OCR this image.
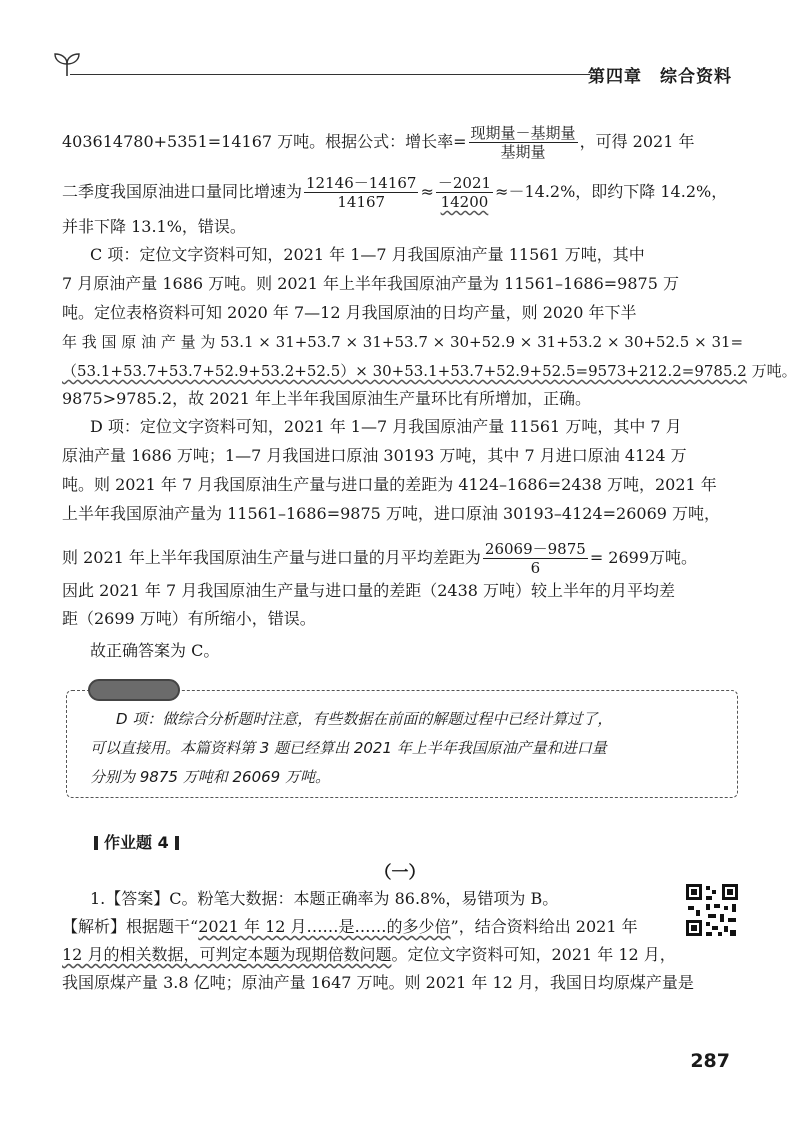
第四章 综合资料
403614780+5351=14167 万吨。根据公式：增长率= $\frac{\text{现期量－基期量}}{\text{基期量}}$ ，可得 2021 年
二季度我国原油进口量同比增速为 $\frac{12146-14167}{14167} \approx \frac{-2021}{14200} \approx-14.2\%$，即约下降 14.2%，
并非下降 13.1%，错误。
C 项：定位文字资料可知，2021 年 1—7 月我国原油产量 11561 万吨，其中
7 月原油产量 1686 万吨。则 2021 年上半年我国原油产量为 11561–1686=9875 万
吨。定位表格资料可知 2020 年 7—12 月我国原油的日均产量，则 2020 年下半
年 我 国 原 油 产 量 为 53.1 × 31+53.7 × 31+53.7 × 30+52.9 × 31+53.2 × 30+52.5 × 31=
（53.1+53.7+53.7+52.9+53.2+52.5）× 30+53.1+53.7+52.9+52.5=9573+212.2=9785.2 万吨。
9875>9785.2，故 2021 年上半年我国原油生产量环比有所增加，正确。
D 项：定位文字资料可知，2021 年 1—7 月我国原油产量 11561 万吨，其中 7 月
原油产量 1686 万吨；1—7 月我国进口原油 30193 万吨，其中 7 月进口原油 4124 万
吨。则 2021 年 7 月我国原油生产量与进口量的差距为 4124–1686=2438 万吨，2021 年
上半年我国原油产量为 11561–1686=9875 万吨，进口原油 30193–4124=26069 万吨，
则 2021 年上半年我国原油生产量与进口量的月平均差距为 $\frac{26069-9875}{6} = 2699$万吨。
因此 2021 年 7 月我国原油生产量与进口量的差距（2438 万吨）较上半年的月平均差
距（2699 万吨）有所缩小，错误。
故正确答案为 C。
D 项：做综合分析题时注意，有些数据在前面的解题过程中已经计算过了，
可以直接用。本篇资料第 3 题已经算出 2021 年上半年我国原油产量和进口量
分别为 9875 万吨和 26069 万吨。
作业题 4
（一）
1.【答案】C。粉笔大数据：本题正确率为 86.8%，易错项为 B。
【解析】根据题干“2021 年 12 月……是……的多少倍”，结合资料给出 2021 年
12 月的相关数据，可判定本题为现期倍数问题。定位文字资料可知，2021 年 12 月，
我国原煤产量 3.8 亿吨；原油产量 1647 万吨。则 2021 年 12 月，我国日均原煤产量是
287
